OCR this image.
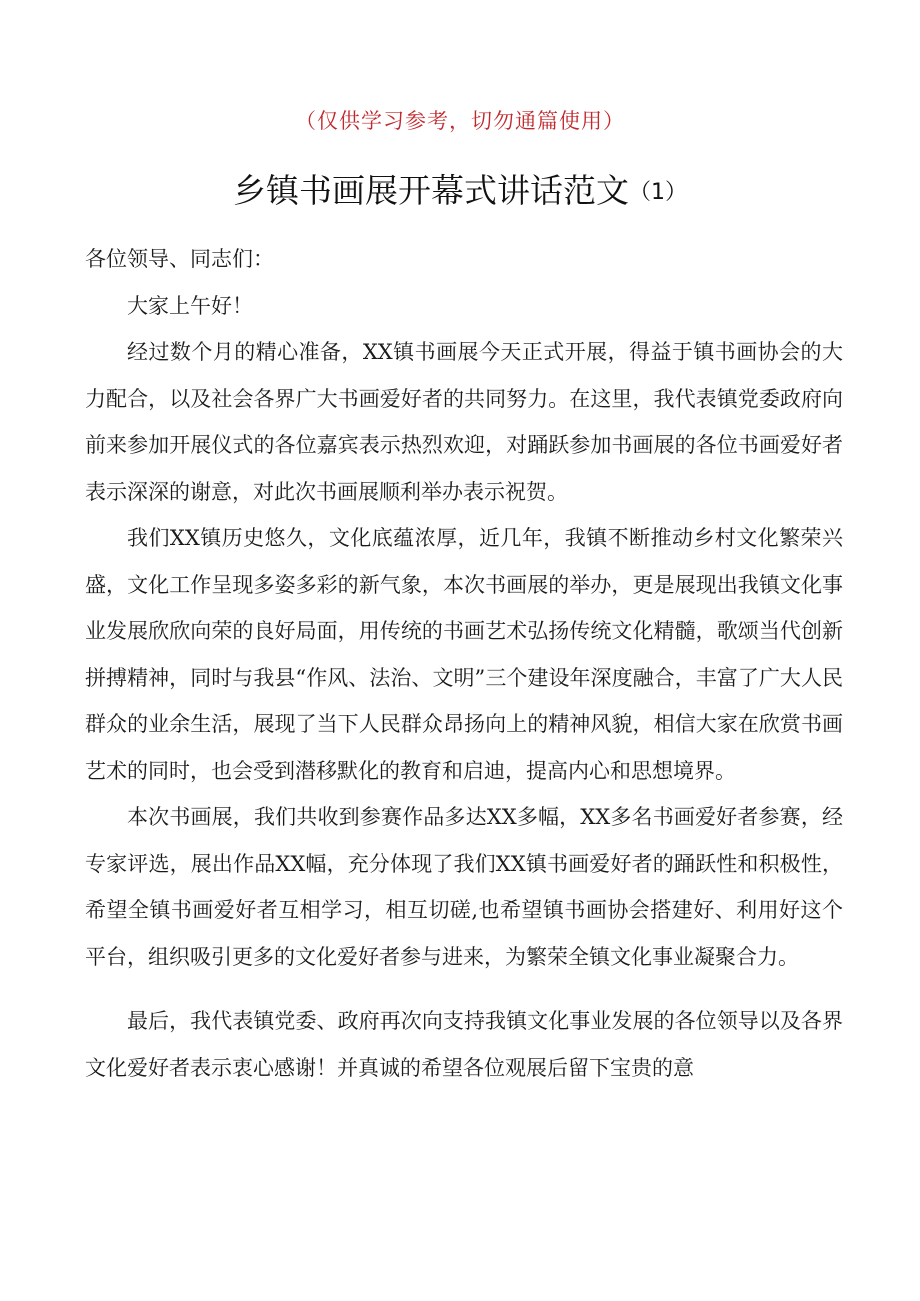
（仅供学习参考，切勿通篇使用）
乡镇书画展开幕式讲话范文（1）

各位领导、同志们：

大家上午好！

经过数个月的精心准备，XX镇书画展今天正式开展，得益于镇书画协会的大力配合，以及社会各界广大书画爱好者的共同努力。在这里，我代表镇党委政府向前来参加开展仪式的各位嘉宾表示热烈欢迎，对踊跃参加书画展的各位书画爱好者表示深深的谢意，对此次书画展顺利举办表示祝贺。

我们XX镇历史悠久，文化底蕴浓厚，近几年，我镇不断推动乡村文化繁荣兴盛，文化工作呈现多姿多彩的新气象，本次书画展的举办，更是展现出我镇文化事业发展欣欣向荣的良好局面，用传统的书画艺术弘扬传统文化精髓，歌颂当代创新拼搏精神，同时与我县“作风、法治、文明”三个建设年深度融合，丰富了广大人民群众的业余生活，展现了当下人民群众昂扬向上的精神风貌，相信大家在欣赏书画艺术的同时，也会受到潜移默化的教育和启迪，提高内心和思想境界。

本次书画展，我们共收到参赛作品多达XX多幅，XX多名书画爱好者参赛，经专家评选，展出作品XX幅，充分体现了我们XX镇书画爱好者的踊跃性和积极性，希望全镇书画爱好者互相学习，相互切磋,也希望镇书画协会搭建好、利用好这个平台，组织吸引更多的文化爱好者参与进来，为繁荣全镇文化事业凝聚合力。

最后，我代表镇党委、政府再次向支持我镇文化事业发展的各位领导以及各界文化爱好者表示衷心感谢！并真诚的希望各位观展后留下宝贵的意
